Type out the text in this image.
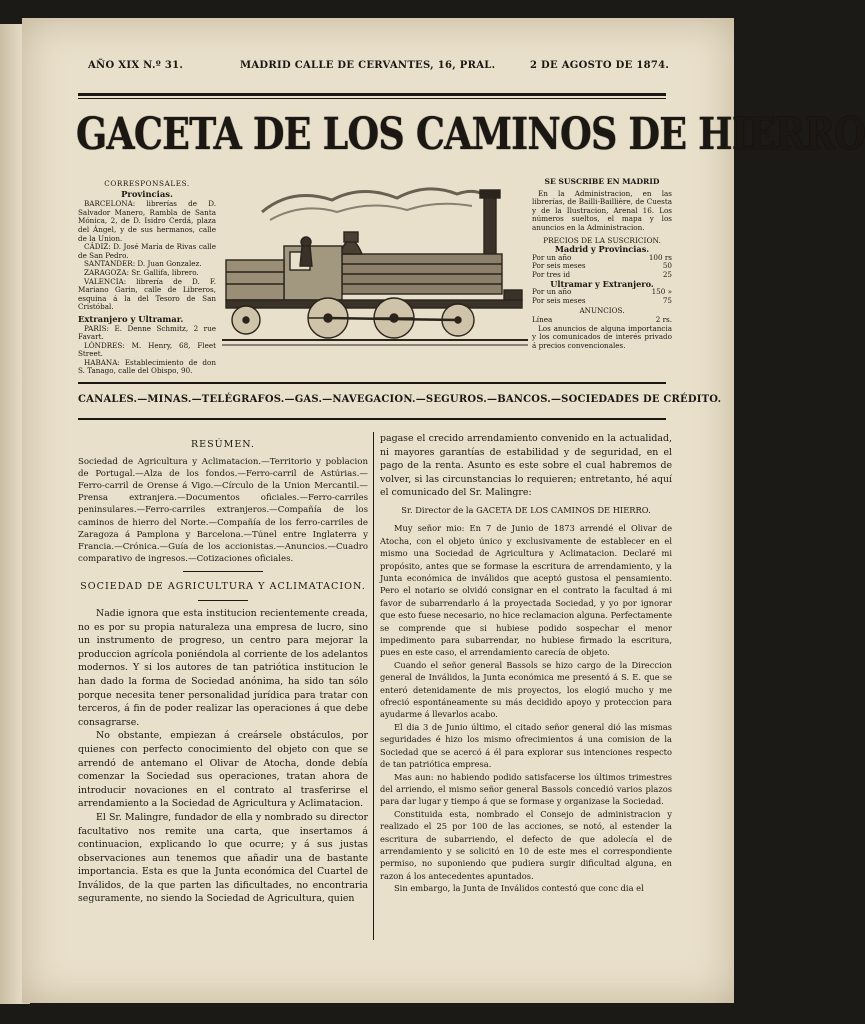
AÑO XIX N.º 31.	MADRID CALLE DE CERVANTES, 16, PRAL.	2 DE AGOSTO DE 1874.
GACETA DE LOS CAMINOS DE HIERRO
CORRESPONSALES.
Provincias.

BARCELONA: librerías de D. Salvador Manero, Rambla de Santa Mónica, 2, de D. Isidro Cerdá, plaza del Ángel, y de sus hermanos, calle de la Union.

CÁDIZ: D. José María de Rivas calle de San Pedro.

SANTANDER: D. Juan Gonzalez.

ZARAGOZA: Sr. Gallifa, librero.

VALENCIA: librería de D. F. Mariano Garin, calle de Libreros, esquina á la del Tesoro de San Cristóbal.

Extranjero y Ultramar.

PARIS: E. Denne Schmitz, 2 rue Favart.

LÓNDRES: M. Henry, 68, Fleet Street.

HABANA: Establecimiento de don S. Tanago, calle del Obispo, 90.

SE SUSCRIBE EN MADRID

En la Administracion, en las librerías, de Bailli-Baillière, de Cuesta y de la Ilustracion, Arenal 16. Los números sueltos, el mapa y los anuncios en la Administracion.

PRECIOS DE LA SUSCRICION.
Madrid y Provincias.
Por un año	100 rs
Por seis meses	50
Por tres id	25
Ultramar y Extranjero.
Por un año	150 »
Por seis meses	75
ANUNCIOS.
Línea	2 rs.

Los anuncios de alguna importancia y los comunicados de interés privado á precios convencionales.

CANALES.—MINAS.—TELÉGRAFOS.—GAS.—NAVEGACION.—SEGUROS.—BANCOS.—SOCIEDADES DE CRÉDITO.
RESÚMEN.

Sociedad de Agricultura y Aclimatacion.—Territorio y poblacion de Portugal.—Alza de los fondos.—Ferro-carril de Astúrias.—Ferro-carril de Orense á Vigo.—Círculo de la Union Mercantil.—Prensa extranjera.—Documentos oficiales.—Ferro-carriles peninsulares.—Ferro-carriles extranjeros.—Compañía de los caminos de hierro del Norte.—Compañía de los ferro-carriles de Zaragoza á Pamplona y Barcelona.—Túnel entre Inglaterra y Francia.—Crónica.—Guía de los accionistas.—Anuncios.—Cuadro comparativo de ingresos.—Cotizaciones oficiales.

SOCIEDAD DE AGRICULTURA Y ACLIMATACION.

Nadie ignora que esta institucion recientemente creada, no es por su propia naturaleza una empresa de lucro, sino un instrumento de progreso, un centro para mejorar la produccion agrícola poniéndola al corriente de los adelantos modernos. Y si los autores de tan patriótica institucion le han dado la forma de Sociedad anónima, ha sido tan sólo porque necesita tener personalidad jurídica para tratar con terceros, á fin de poder realizar las operaciones á que debe consagrarse.

No obstante, empiezan á creársele obstáculos, por quienes con perfecto conocimiento del objeto con que se arrendó de antemano el Olivar de Atocha, donde debía comenzar la Sociedad sus operaciones, tratan ahora de introducir novaciones en el contrato al trasferirse el arrendamiento a la Sociedad de Agricultura y Aclimatacion.

El Sr. Malingre, fundador de ella y nombrado su director facultativo nos remite una carta, que insertamos á continuacion, explicando lo que ocurre; y á sus justas observaciones aun tenemos que añadir una de bastante importancia. Esta es que la Junta económica del Cuartel de Inválidos, de la que parten las dificultades, no encontraria seguramente, no siendo la Sociedad de Agricultura, quien

pagase el crecido arrendamiento convenido en la actualidad, ni mayores garantías de estabilidad y de seguridad, en el pago de la renta. Asunto es este sobre el cual habremos de volver, si las circunstancias lo requieren; entretanto, hé aquí el comunicado del Sr. Malingre:

Sr. Director de la GACETA DE LOS CAMINOS DE HIERRO.

Muy señor mio: En 7 de Junio de 1873 arrendé el Olivar de Atocha, con el objeto único y exclusivamente de establecer en el mismo una Sociedad de Agricultura y Aclimatacion. Declaré mi propósito, antes que se formase la escritura de arrendamiento, y la Junta económica de inválidos que aceptó gustosa el pensamiento. Pero el notario se olvidó consignar en el contrato la facultad á mi favor de subarrendarlo á la proyectada Sociedad, y yo por ignorar que esto fuese necesario, no hice reclamacion alguna. Perfectamente se comprende que si hubiese podido sospechar el menor impedimento para subarrendar, no hubiese firmado la escritura, pues en este caso, el arrendamiento carecía de objeto.

Cuando el señor general Bassols se hizo cargo de la Direccion general de Inválidos, la Junta económica me presentó á S. E. que se enteró detenidamente de mis proyectos, los elogió mucho y me ofreció espontáneamente su más decidido apoyo y proteccion para ayudarme á llevarlos acabo.

El dia 3 de Junio último, el citado señor general dió las mismas seguridades é hizo los mismo ofrecimientos á una comision de la Sociedad que se acercó á él para explorar sus intenciones respecto de tan patriótica empresa.

Mas aun: no habiendo podido satisfacerse los últimos trimestres del arriendo, el mismo señor general Bassols concedió varios plazos para dar lugar y tiempo á que se formase y organizase la Sociedad.

Constituida esta, nombrado el Consejo de administracion y realizado el 25 por 100 de las acciones, se notó, al estender la escritura de subarriendo, el defecto de que adolecía el de arrendamiento y se solicitó en 10 de este mes el correspondiente permiso, no suponiendo que pudiera surgir dificultad alguna, en razon á los antecedentes apuntados.

Sin embargo, la Junta de Inválidos contestó que conc dia el
